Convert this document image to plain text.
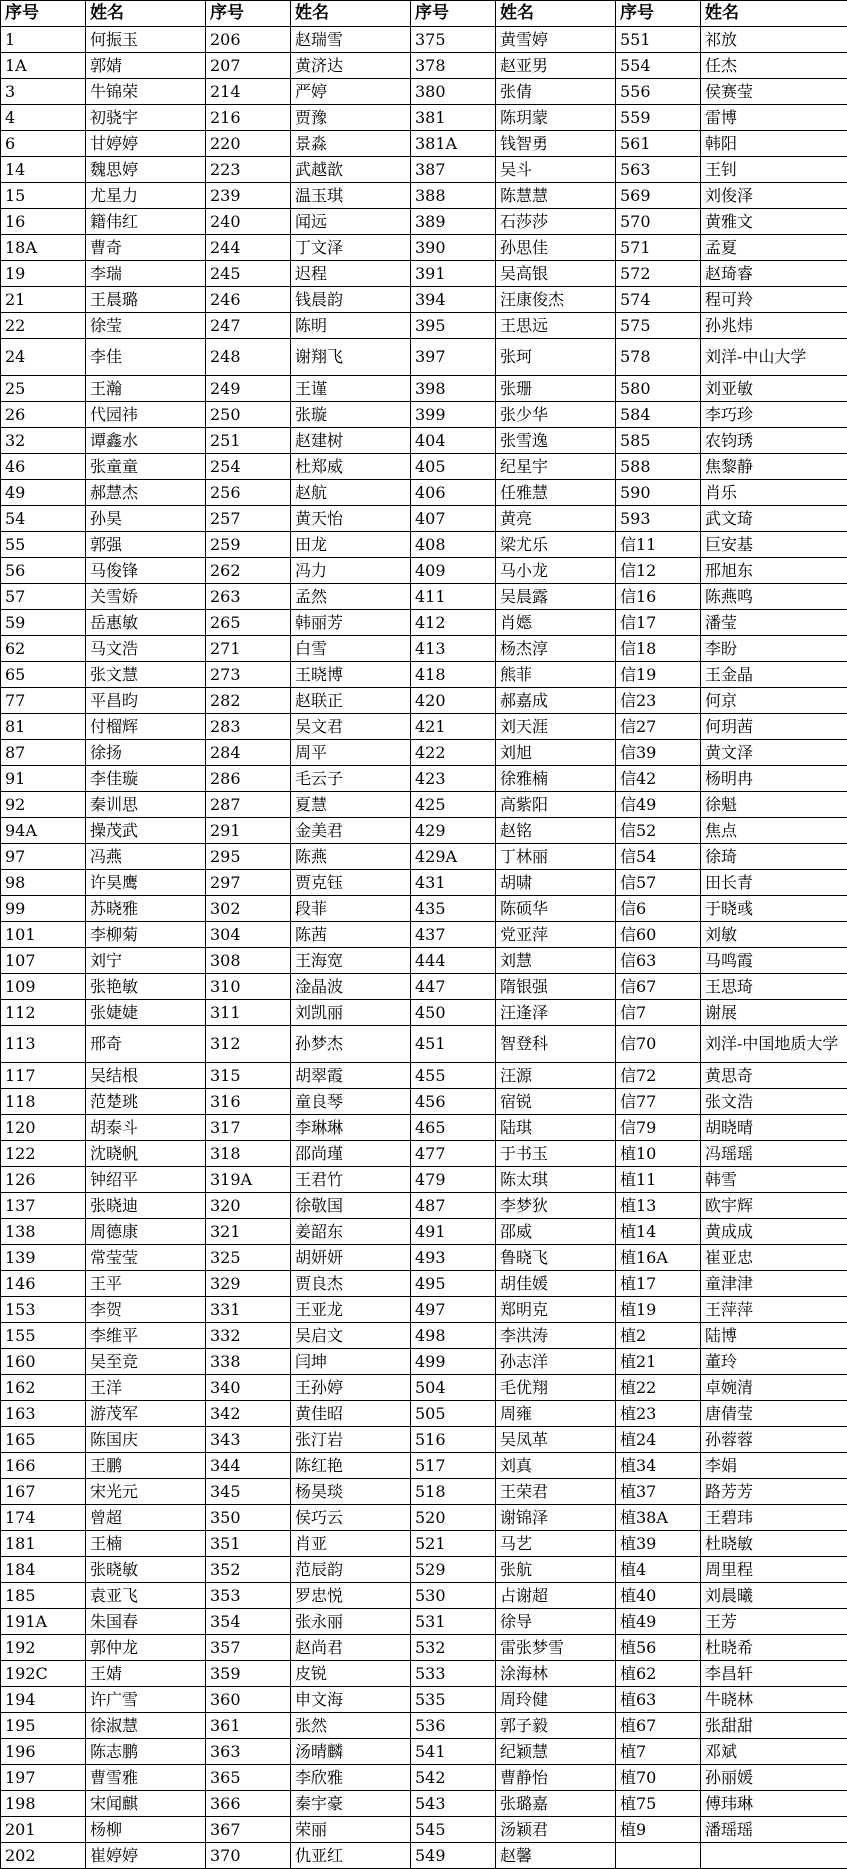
序号	姓名	序号	姓名	序号	姓名	序号	姓名
1	何振玉	206	赵瑞雪	375	黄雪婷	551	祁放
1A	郭婧	207	黄济达	378	赵亚男	554	任杰
3	牛锦荣	214	严婷	380	张倩	556	侯赛莹
4	初骁宇	216	贾豫	381	陈玥蒙	559	雷博
6	甘婷婷	220	景淼	381A	钱智勇	561	韩阳
14	魏思婷	223	武越歆	387	吴斗	563	王钊
15	尤星力	239	温玉琪	388	陈慧慧	569	刘俊泽
16	籍伟红	240	闻远	389	石莎莎	570	黄雅文
18A	曹奇	244	丁文泽	390	孙思佳	571	孟夏
19	李瑞	245	迟程	391	吴高银	572	赵琦睿
21	王晨璐	246	钱晨韵	394	汪康俊杰	574	程可羚
22	徐莹	247	陈明	395	王思远	575	孙兆炜
24	李佳	248	谢翔飞	397	张珂	578	刘洋-中山大学
25	王瀚	249	王谨	398	张珊	580	刘亚敏
26	代园祎	250	张璇	399	张少华	584	李巧珍
32	谭鑫水	251	赵建树	404	张雪逸	585	农钧琇
46	张童童	254	杜郑威	405	纪星宇	588	焦黎静
49	郝慧杰	256	赵航	406	任雅慧	590	肖乐
54	孙昊	257	黄天怡	407	黄亮	593	武文琦
55	郭强	259	田龙	408	梁尤乐	信11	巨安基
56	马俊锋	262	冯力	409	马小龙	信12	邢旭东
57	关雪娇	263	孟然	411	吴晨露	信16	陈燕鸣
59	岳惠敏	265	韩丽芳	412	肖嫕	信17	潘莹
62	马文浩	271	白雪	413	杨杰淳	信18	李盼
65	张文慧	273	王晓博	418	熊菲	信19	王金晶
77	平昌昀	282	赵联正	420	郝嘉成	信23	何京
81	付榴辉	283	吴文君	421	刘天涯	信27	何玥茜
87	徐扬	284	周平	422	刘旭	信39	黄文泽
91	李佳璇	286	毛云子	423	徐雅楠	信42	杨明冉
92	秦训思	287	夏慧	425	高紫阳	信49	徐魁
94A	操茂武	291	金美君	429	赵铭	信52	焦点
97	冯燕	295	陈燕	429A	丁林丽	信54	徐琦
98	许昊鹰	297	贾克钰	431	胡啸	信57	田长青
99	苏晓雅	302	段菲	435	陈硕华	信6	于晓彧
101	李柳菊	304	陈茜	437	党亚萍	信60	刘敏
107	刘宁	308	王海宽	444	刘慧	信63	马鸣霞
109	张艳敏	310	淦晶波	447	隋银强	信67	王思琦
112	张婕婕	311	刘凯丽	450	汪逢泽	信7	谢展
113	邢奇	312	孙梦杰	451	智登科	信70	刘洋-中国地质大学
117	吴结根	315	胡翠霞	455	汪源	信72	黄思奇
118	范楚珧	316	童良琴	456	宿锐	信77	张文浩
120	胡泰斗	317	李琳琳	465	陆琪	信79	胡晓晴
122	沈晓帆	318	邵尚瑾	477	于书玉	植10	冯瑶瑶
126	钟绍平	319A	王君竹	479	陈太琪	植11	韩雪
137	张晓迪	320	徐敬国	487	李梦狄	植13	欧宇辉
138	周德康	321	姜韶东	491	邵威	植14	黄成成
139	常莹莹	325	胡妍妍	493	鲁晓飞	植16A	崔亚忠
146	王平	329	贾良杰	495	胡佳媛	植17	童津津
153	李贺	331	王亚龙	497	郑明克	植19	王萍萍
155	李维平	332	吴启文	498	李洪涛	植2	陆博
160	吴至竞	338	闫坤	499	孙志洋	植21	董玲
162	王洋	340	王孙婷	504	毛优翔	植22	卓婉清
163	游茂军	342	黄佳昭	505	周雍	植23	唐倩莹
165	陈国庆	343	张汀岩	516	吴凤革	植24	孙蓉蓉
166	王鹏	344	陈红艳	517	刘真	植34	李娟
167	宋光元	345	杨昊琰	518	王荣君	植37	路芳芳
174	曾超	350	侯巧云	520	谢锦泽	植38A	王碧玮
181	王楠	351	肖亚	521	马艺	植39	杜晓敏
184	张晓敏	352	范辰韵	529	张航	植4	周里程
185	袁亚飞	353	罗忠悦	530	占谢超	植40	刘晨曦
191A	朱国春	354	张永丽	531	徐导	植49	王芳
192	郭仲龙	357	赵尚君	532	雷张梦雪	植56	杜晓希
192C	王婧	359	皮锐	533	涂海林	植62	李昌轩
194	许广雪	360	申文海	535	周玲健	植63	牛晓林
195	徐淑慧	361	张然	536	郭子毅	植67	张甜甜
196	陈志鹏	363	汤晴麟	541	纪颖慧	植7	邓斌
197	曹雪雅	365	李欣雅	542	曹静怡	植70	孙丽媛
198	宋闻麒	366	秦宇豪	543	张璐嘉	植75	傅玮琳
201	杨柳	367	荣丽	545	汤颖君	植9	潘瑶瑶
202	崔婷婷	370	仇亚红	549	赵馨		
